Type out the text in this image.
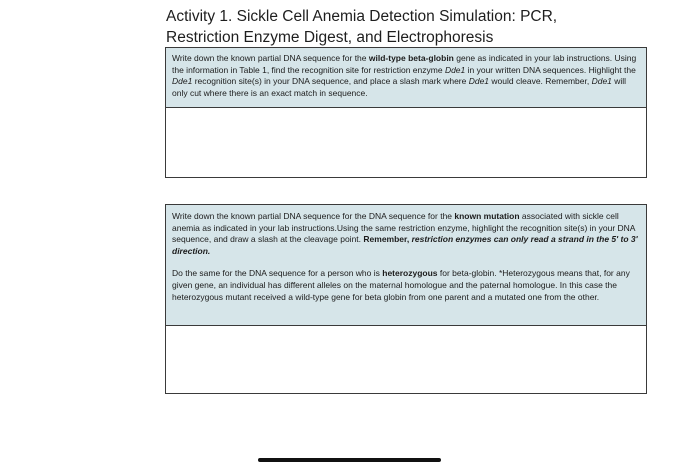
Activity 1. Sickle Cell Anemia Detection Simulation: PCR,
Restriction Enzyme Digest, and Electrophoresis

Write down the known partial DNA sequence for the wild-type beta-globin gene as indicated in your lab instructions. Using the information in Table 1, find the recognition site for restriction enzyme Dde1 in your written DNA sequences. Highlight the Dde1 recognition site(s) in your DNA sequence, and place a slash mark where Dde1 would cleave. Remember, Dde1 will only cut where there is an exact match in sequence.

Write down the known partial DNA sequence for the DNA sequence for the known mutation associated with sickle cell anemia as indicated in your lab instructions.Using the same restriction enzyme, highlight the recognition site(s) in your DNA sequence, and draw a slash at the cleavage point. Remember, restriction enzymes can only read a strand in the 5' to 3' direction.

Do the same for the DNA sequence for a person who is heterozygous for beta-globin. *Heterozygous means that, for any given gene, an individual has different alleles on the maternal homologue and the paternal homologue. In this case the heterozygous mutant received a wild-type gene for beta globin from one parent and a mutated one from the other.
